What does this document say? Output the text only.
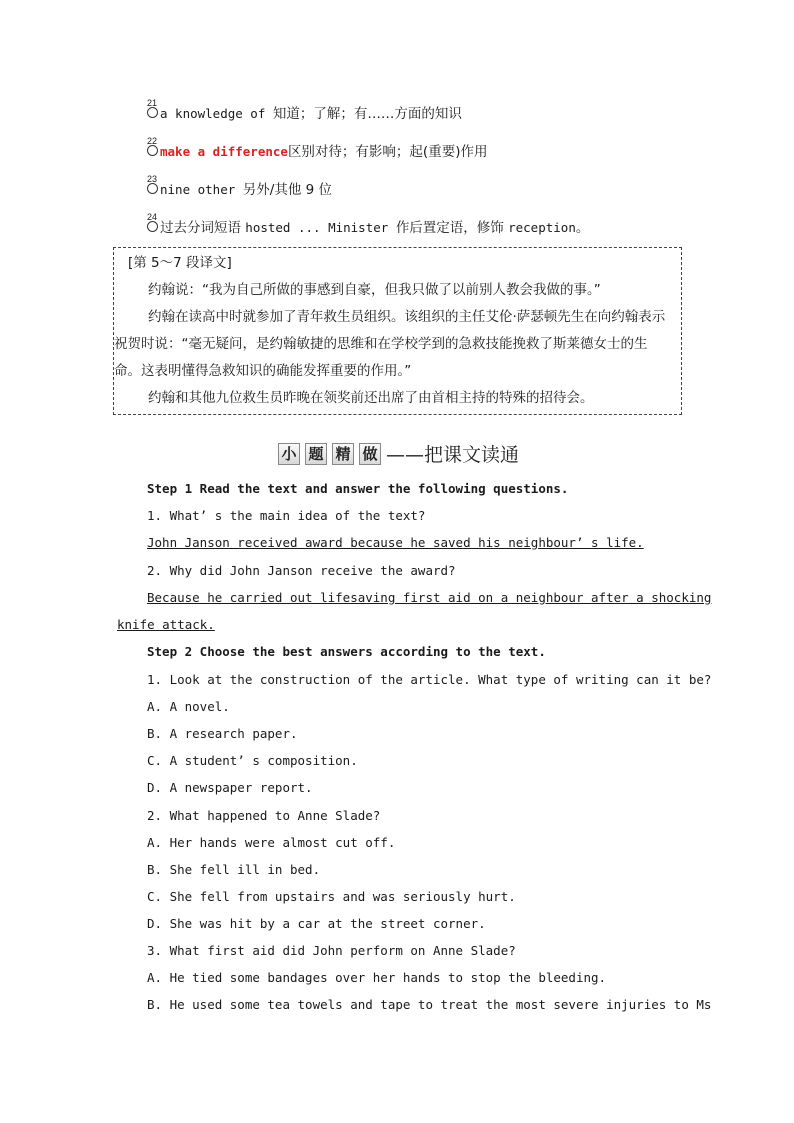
21
a knowledge of 知道；了解；有……方面的知识
22
make a difference区别对待；有影响；起(重要)作用
23
nine other 另外/其他 9 位
24
过去分词短语 hosted ... Minister 作后置定语，修饰 reception。

[第 5～7 段译文]

约翰说：“我为自己所做的事感到自豪，但我只做了以前别人教会我做的事。”

约翰在读高中时就参加了青年救生员组织。该组织的主任艾伦·萨瑟顿先生在向约翰表示祝贺时说：“毫无疑问，是约翰敏捷的思维和在学校学到的急救技能挽救了斯莱德女士的生命。这表明懂得急救知识的确能发挥重要的作用。”

约翰和其他九位救生员昨晚在领奖前还出席了由首相主持的特殊的招待会。

小 题 精 做 ——把课文读通
Step 1 Read the text and answer the following questions.
1. What’ s the main idea of the text?
John Janson received award because he saved his neighbour’ s life.
2. Why did John Janson receive the award?
Because he carried out lifesaving first aid on a neighbour after a shocking
knife attack.
Step 2 Choose the best answers according to the text.
1. Look at the construction of the article. What type of writing can it be?
A. A novel.
B. A research paper.
C. A student’ s composition.
D. A newspaper report.
2. What happened to Anne Slade?
A. Her hands were almost cut off.
B. She fell ill in bed.
C. She fell from upstairs and was seriously hurt.
D. She was hit by a car at the street corner.
3. What first aid did John perform on Anne Slade?
A. He tied some bandages over her hands to stop the bleeding.
B. He used some tea towels and tape to treat the most severe injuries to Ms
